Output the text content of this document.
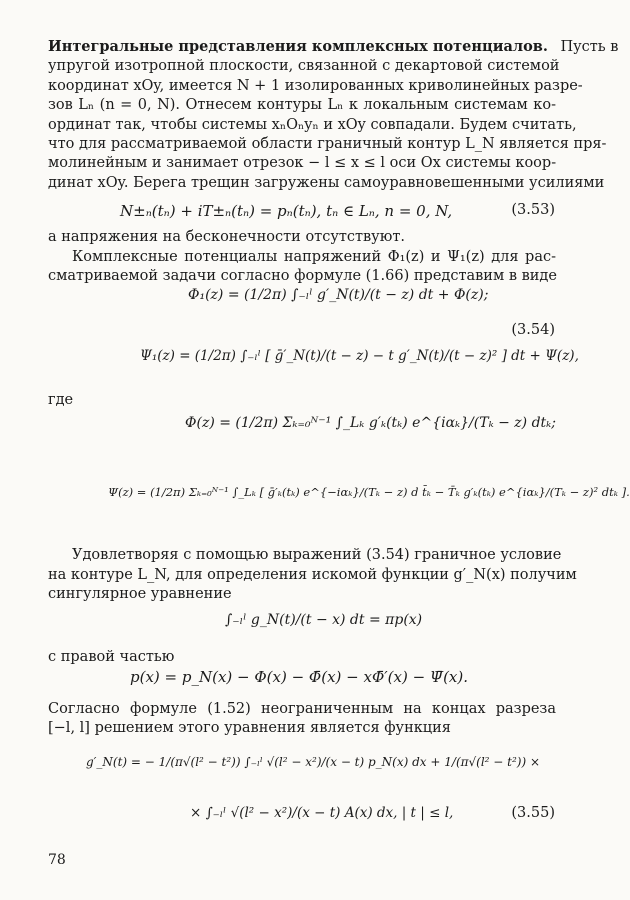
Интегральные представления комплексных потенциалов. Пусть в
упругой изотропной плоскости, связанной с декартовой системой
координат xOy, имеется N + 1 изолированных криволинейных разре-
зов Lₙ (n = 0, N). Отнесем контуры Lₙ к локальным системам ко-
ординат так, чтобы системы xₙOₙyₙ и xOy совпадали. Будем считать,
что для рассматриваемой области граничный контур L_N является пря-
молинейным и занимает отрезок − l ≤ x ≤ l оси Ox системы коор-
динат xOy. Берега трещин загружены самоуравновешенными усилиями
N±ₙ(tₙ) + iT±ₙ(tₙ) = pₙ(tₙ), tₙ ∈ Lₙ, n = 0, N,	(3.53)
а напряжения на бесконечности отсутствуют.
Комплексные потенциалы напряжений Φ₁(z) и Ψ₁(z) для рас-
сматриваемой задачи согласно формуле (1.66) представим в виде
Φ₁(z) = (1/2π) ∫₋ₗˡ g′_N(t)/(t − z) dt + Φ(z);
(3.54)
Ψ₁(z) = (1/2π) ∫₋ₗˡ [ ḡ′_N(t)/(t − z) − t g′_N(t)/(t − z)² ] dt + Ψ(z),
где
Φ(z) = (1/2π) Σₖ₌₀ᴺ⁻¹ ∫_Lₖ g′ₖ(tₖ) e^{iαₖ}/(Tₖ − z) dtₖ;
Ψ(z) = (1/2π) Σₖ₌₀ᴺ⁻¹ ∫_Lₖ [ ḡ′ₖ(tₖ) e^{−iαₖ}/(Tₖ − z) d t̄ₖ − T̄ₖ g′ₖ(tₖ) e^{iαₖ}/(Tₖ − z)² dtₖ ].
Удовлетворяя с помощью выражений (3.54) граничное условие
на контуре L_N, для определения искомой функции g′_N(x) получим
сингулярное уравнение
∫₋ₗˡ g_N(t)/(t − x) dt = πp(x)
с правой частью
p(x) = p_N(x) − Φ(x) − Φ̄(x) − xΦ̄′(x) − Ψ̄(x).
Согласно формуле (1.52) неограниченным на концах разреза
[−l, l] решением этого уравнения является функция
g′_N(t) = − 1/(π√(l² − t²)) ∫₋ₗˡ √(l² − x²)/(x − t) p_N(x) dx + 1/(π√(l² − t²)) ×
× ∫₋ₗˡ √(l² − x²)/(x − t) A(x) dx, | t | ≤ l,	(3.55)
78
